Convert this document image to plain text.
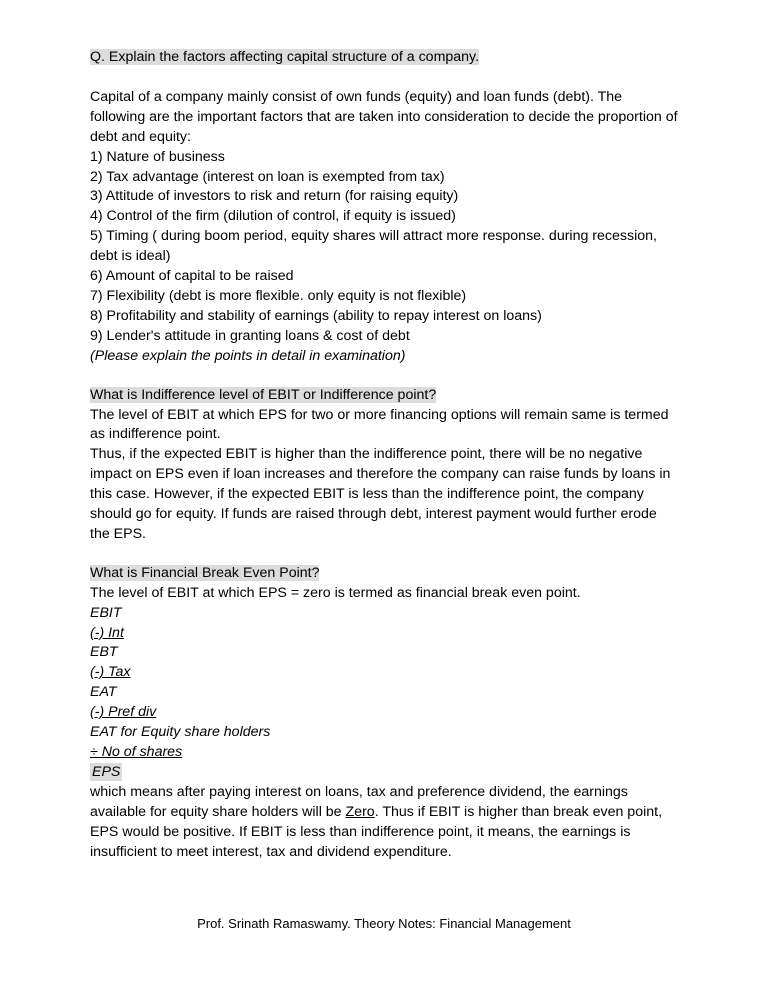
Q. Explain the factors affecting capital structure of a company.

Capital of a company mainly consist of own funds (equity) and loan funds (debt). The following are the important factors that are taken into consideration to decide the proportion of debt and equity:

1) Nature of business

2) Tax advantage (interest on loan is exempted from tax)

3) Attitude of investors to risk and return (for raising equity)

4) Control of the firm (dilution of control, if equity is issued)

5) Timing ( during boom period, equity shares will attract more response. during recession, debt is ideal)

6) Amount of capital to be raised

7) Flexibility (debt is more flexible. only equity is not flexible)

8) Profitability and stability of earnings (ability to repay interest on loans)

9) Lender's attitude in granting loans & cost of debt

(Please explain the points in detail in examination)

What is Indifference level of EBIT or Indifference point?

The level of EBIT at which EPS for two or more financing options will remain same is termed as indifference point.

Thus, if the expected EBIT is higher than the indifference point, there will be no negative impact on EPS even if loan increases and therefore the company can raise funds by loans in this case. However, if the expected EBIT is less than the indifference point, the company should go for equity. If funds are raised through debt, interest payment would further erode the EPS.

What is Financial Break Even Point?

The level of EBIT at which EPS = zero is termed as financial break even point.

EBIT

(-) Int

EBT

(-) Tax

EAT

(-) Pref div

EAT for Equity share holders

÷ No of shares

EPS

which means after paying interest on loans, tax and preference dividend, the earnings available for equity share holders will be Zero. Thus if EBIT is higher than break even point, EPS would be positive. If EBIT is less than indifference point, it means, the earnings is insufficient to meet interest, tax and dividend expenditure.

Prof. Srinath Ramaswamy. Theory Notes: Financial Management
